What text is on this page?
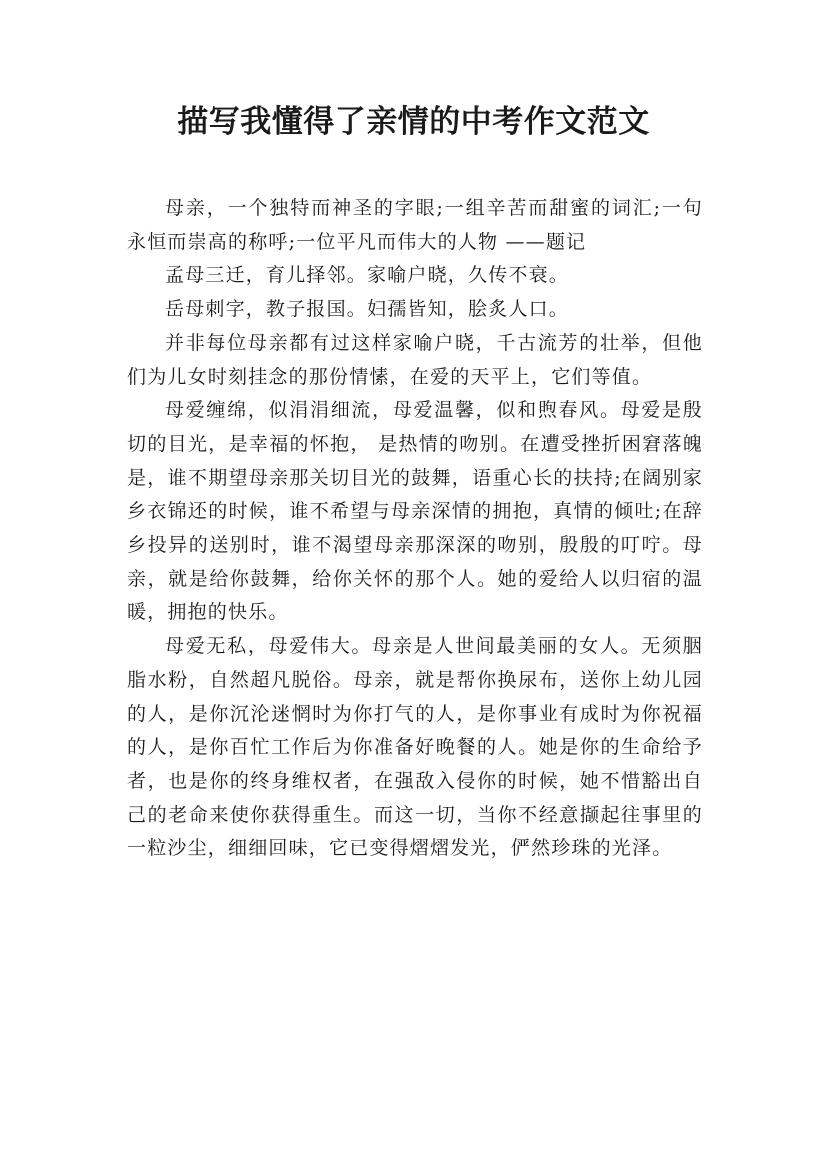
描写我懂得了亲情的中考作文范文

母亲，一个独特而神圣的字眼;一组辛苦而甜蜜的词汇;一句永恒而崇高的称呼;一位平凡而伟大的人物 ——题记

孟母三迁，育儿择邻。家喻户晓，久传不衰。

岳母刺字，教子报国。妇孺皆知，脍炙人口。

并非每位母亲都有过这样家喻户晓，千古流芳的壮举，但他们为儿女时刻挂念的那份情愫，在爱的天平上，它们等值。

母爱缠绵，似涓涓细流，母爱温馨，似和煦春风。母爱是殷切的目光，是幸福的怀抱， 是热情的吻别。在遭受挫折困窘落魄是，谁不期望母亲那关切目光的鼓舞，语重心长的扶持;在阔别家乡衣锦还的时候，谁不希望与母亲深情的拥抱，真情的倾吐;在辞乡投异的送别时，谁不渴望母亲那深深的吻别，殷殷的叮咛。母亲，就是给你鼓舞，给你关怀的那个人。她的爱给人以归宿的温暖，拥抱的快乐。

母爱无私，母爱伟大。母亲是人世间最美丽的女人。无须胭脂水粉，自然超凡脱俗。母亲，就是帮你换尿布，送你上幼儿园的人，是你沉沦迷惘时为你打气的人，是你事业有成时为你祝福的人，是你百忙工作后为你准备好晚餐的人。她是你的生命给予者，也是你的终身维权者，在强敌入侵你的时候，她不惜豁出自己的老命来使你获得重生。而这一切，当你不经意撷起往事里的一粒沙尘，细细回味，它已变得熠熠发光，俨然珍珠的光泽。
